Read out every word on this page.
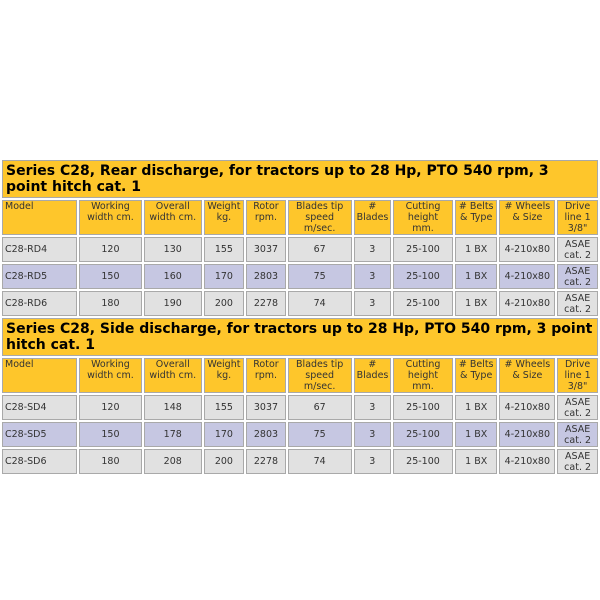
Series C28, Rear discharge, for tractors up to 28 Hp, PTO 540 rpm, 3 point hitch cat. 1										
Model	Working width cm.	Overall width cm.	Weight kg.	Rotor rpm.	Blades tip speed m/sec.	# Blades	Cutting height mm.	# Belts & Type	# Wheels & Size	Drive line 1 3/8"
C28-RD4	120	130	155	3037	67	3	25-100	1 BX	4-210x80	ASAE cat. 2
C28-RD5	150	160	170	2803	75	3	25-100	1 BX	4-210x80	ASAE cat. 2
C28-RD6	180	190	200	2278	74	3	25-100	1 BX	4-210x80	ASAE cat. 2
Series C28, Side discharge, for tractors up to 28 Hp, PTO 540 rpm, 3 point hitch cat. 1										
Model	Working width cm.	Overall width cm.	Weight kg.	Rotor rpm.	Blades tip speed m/sec.	# Blades	Cutting height mm.	# Belts & Type	# Wheels & Size	Drive line 1 3/8"
C28-SD4	120	148	155	3037	67	3	25-100	1 BX	4-210x80	ASAE cat. 2
C28-SD5	150	178	170	2803	75	3	25-100	1 BX	4-210x80	ASAE cat. 2
C28-SD6	180	208	200	2278	74	3	25-100	1 BX	4-210x80	ASAE cat. 2
